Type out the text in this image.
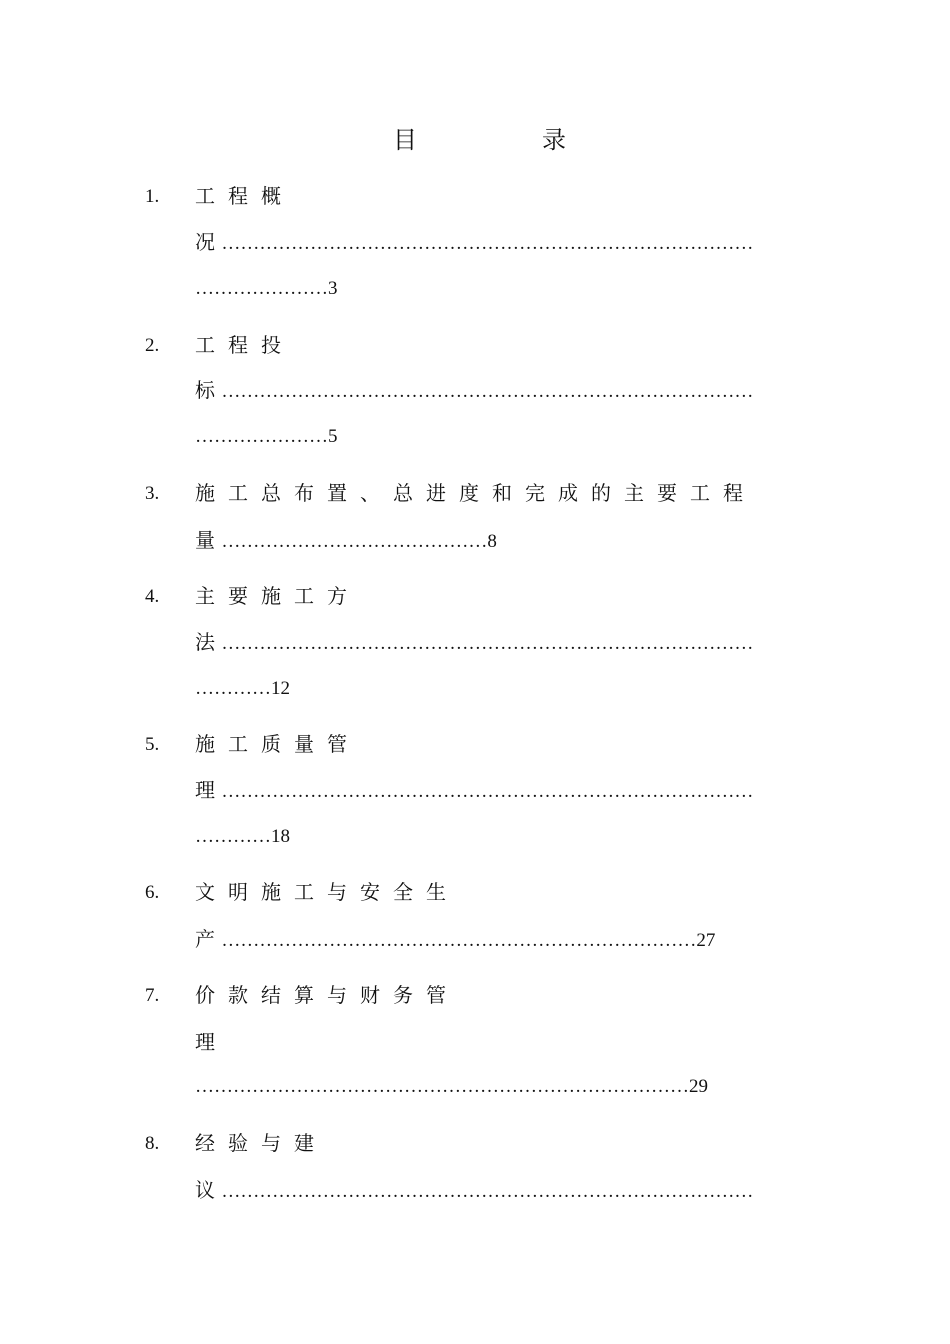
目	录
1. 工程概
况 …………………………………………………………………………
…………………3
2. 工程投
标 …………………………………………………………………………
…………………5
3. 施工总布置、总进度和完成的主要工程
量 ……………………………………8
4. 主要施工方
法 …………………………………………………………………………
…………12
5. 施工质量管
理 …………………………………………………………………………
…………18
6. 文明施工与安全生
产 …………………………………………………………………27
7. 价款结算与财务管
理
……………………………………………………………………29
8. 经验与建
议 …………………………………………………………………………
